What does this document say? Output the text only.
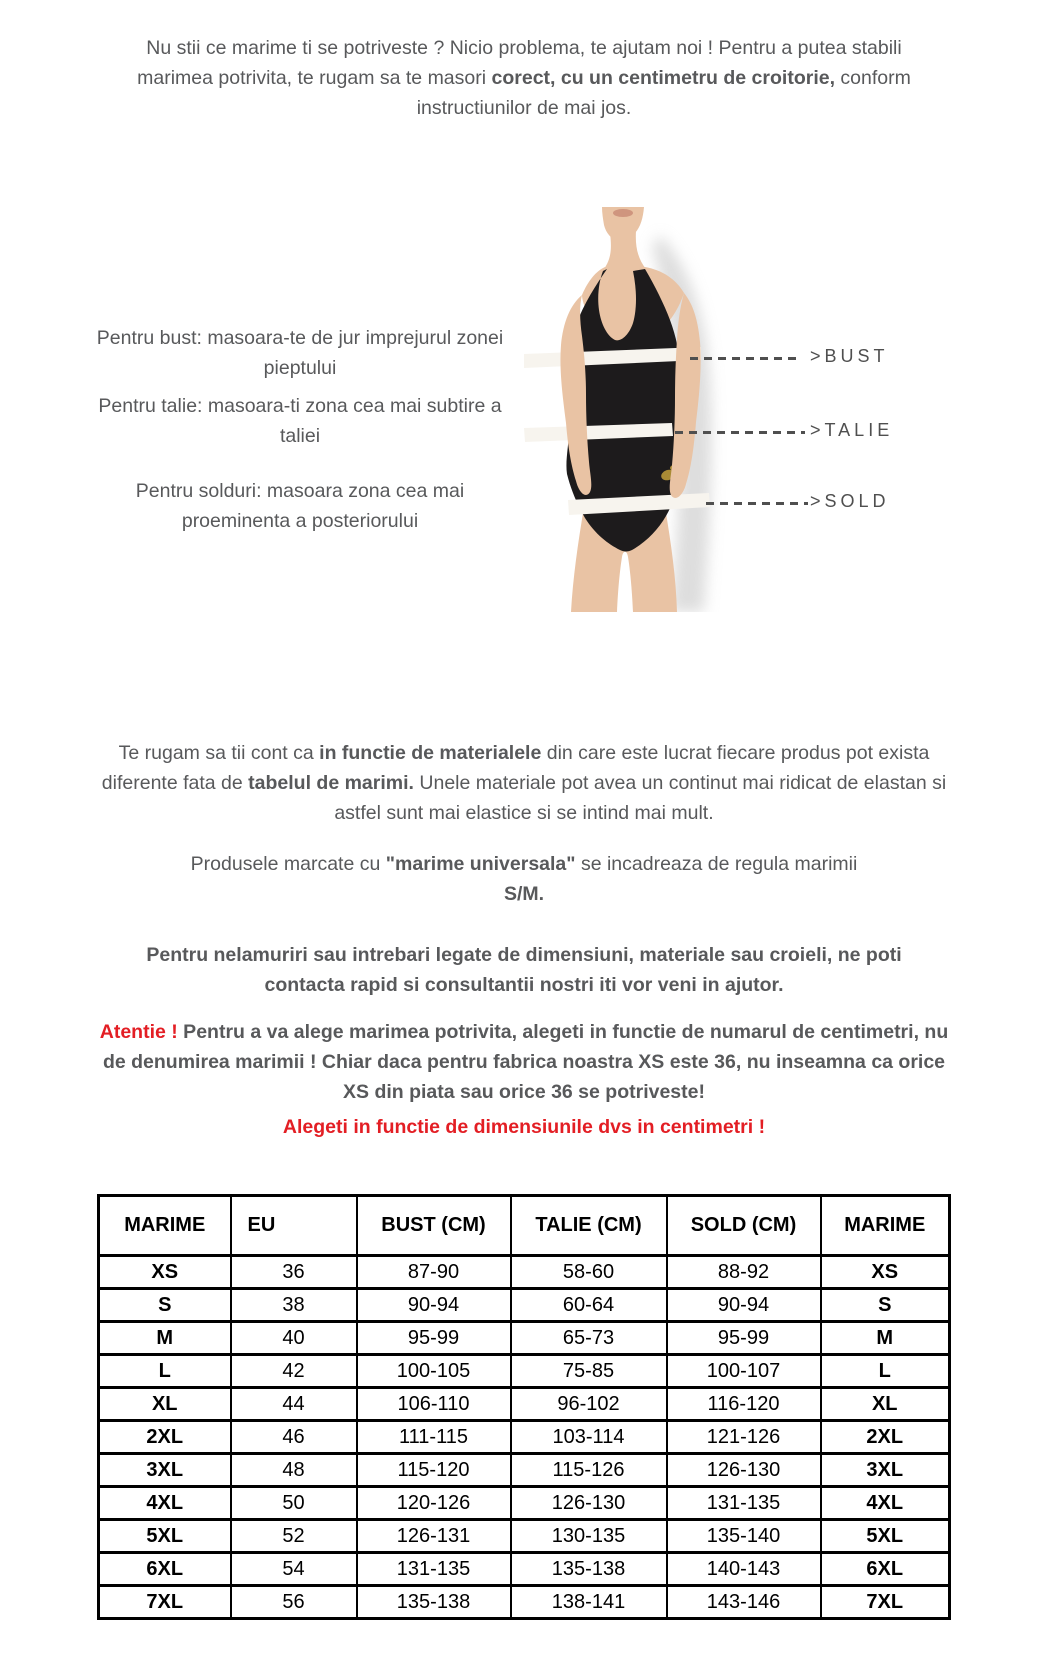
Nu stii ce marime ti se potriveste ? Nicio problema, te ajutam noi ! Pentru a putea stabili marimea potrivita, te rugam sa te masori corect, cu un centimetru de croitorie, conform instructiunilor de mai jos.
Pentru bust: masoara-te de jur imprejurul zonei pieptului
Pentru talie: masoara-ti zona cea mai subtire a taliei
Pentru solduri: masoara zona cea mai proeminenta a posteriorului
>BUST
>TALIE
>SOLD
Te rugam sa tii cont ca in functie de materialele din care este lucrat fiecare produs pot exista diferente fata de tabelul de marimi. Unele materiale pot avea un continut mai ridicat de elastan si astfel sunt mai elastice si se intind mai mult.
Produsele marcate cu "marime universala" se incadreaza de regula marimii S/M.
Pentru nelamuriri sau intrebari legate de dimensiuni, materiale sau croieli, ne poti contacta rapid si consultantii nostri iti vor veni in ajutor.
Atentie ! Pentru a va alege marimea potrivita, alegeti in functie de numarul de centimetri, nu de denumirea marimii ! Chiar daca pentru fabrica noastra XS este 36, nu inseamna ca orice XS din piata sau orice 36 se potriveste!
Alegeti in functie de dimensiunile dvs in centimetri !
MARIME	EU	BUST (CM)	TALIE (CM)	SOLD (CM)	MARIME
XS	36	87-90	58-60	88-92	XS
S	38	90-94	60-64	90-94	S
M	40	95-99	65-73	95-99	M
L	42	100-105	75-85	100-107	L
XL	44	106-110	96-102	116-120	XL
2XL	46	111-115	103-114	121-126	2XL
3XL	48	115-120	115-126	126-130	3XL
4XL	50	120-126	126-130	131-135	4XL
5XL	52	126-131	130-135	135-140	5XL
6XL	54	131-135	135-138	140-143	6XL
7XL	56	135-138	138-141	143-146	7XL
